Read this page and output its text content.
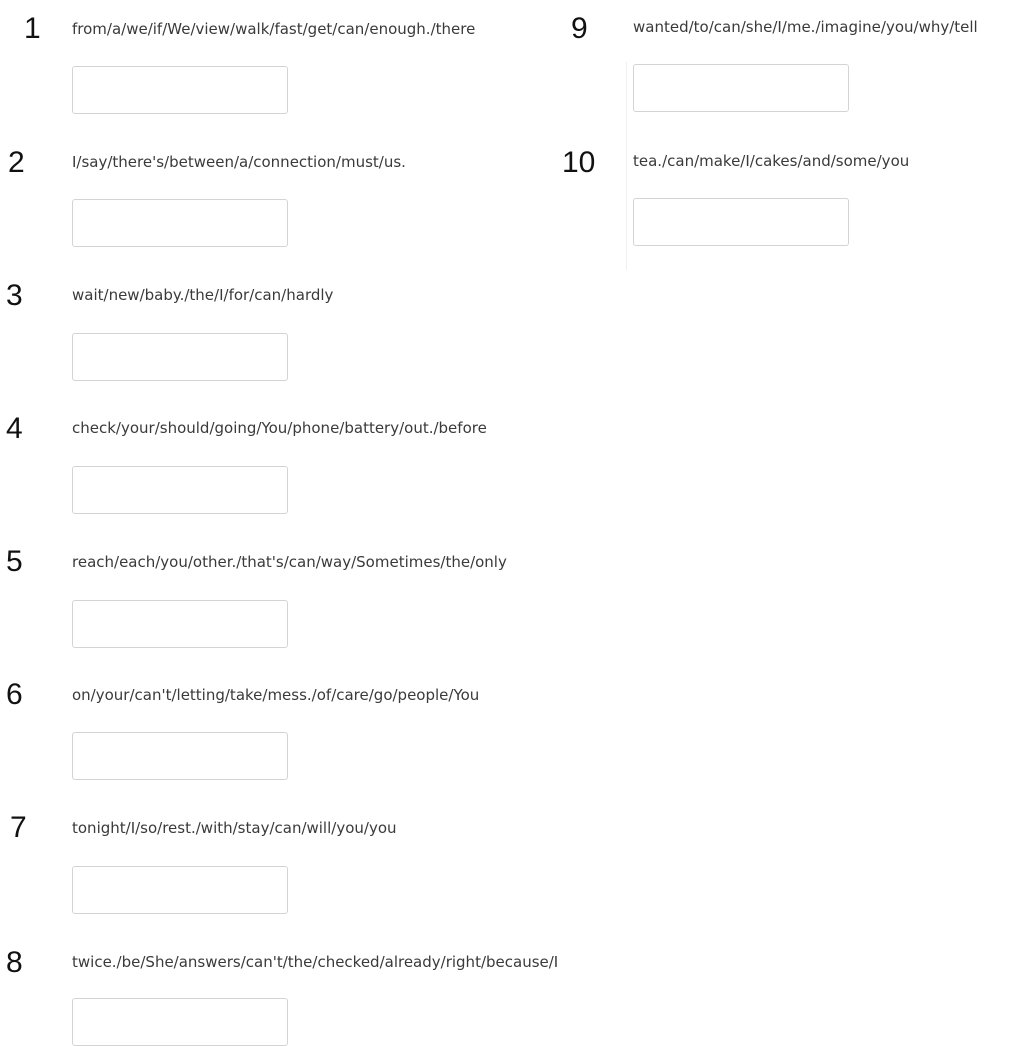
1 from/a/we/if/We/view/walk/fast/get/can/enough./there
2	I/say/there's/between/a/connection/must/us.
3	wait/new/baby./the/I/for/can/hardly
4	check/your/should/going/You/phone/battery/out./before
5	reach/each/you/other./that's/can/way/Sometimes/the/only
6	on/your/can't/letting/take/mess./of/care/go/people/You
7	tonight/I/so/rest./with/stay/can/will/you/you
8	twice./be/She/answers/can't/the/checked/already/right/because/I
9	wanted/to/can/she/I/me./imagine/you/why/tell
10	tea./can/make/I/cakes/and/some/you
